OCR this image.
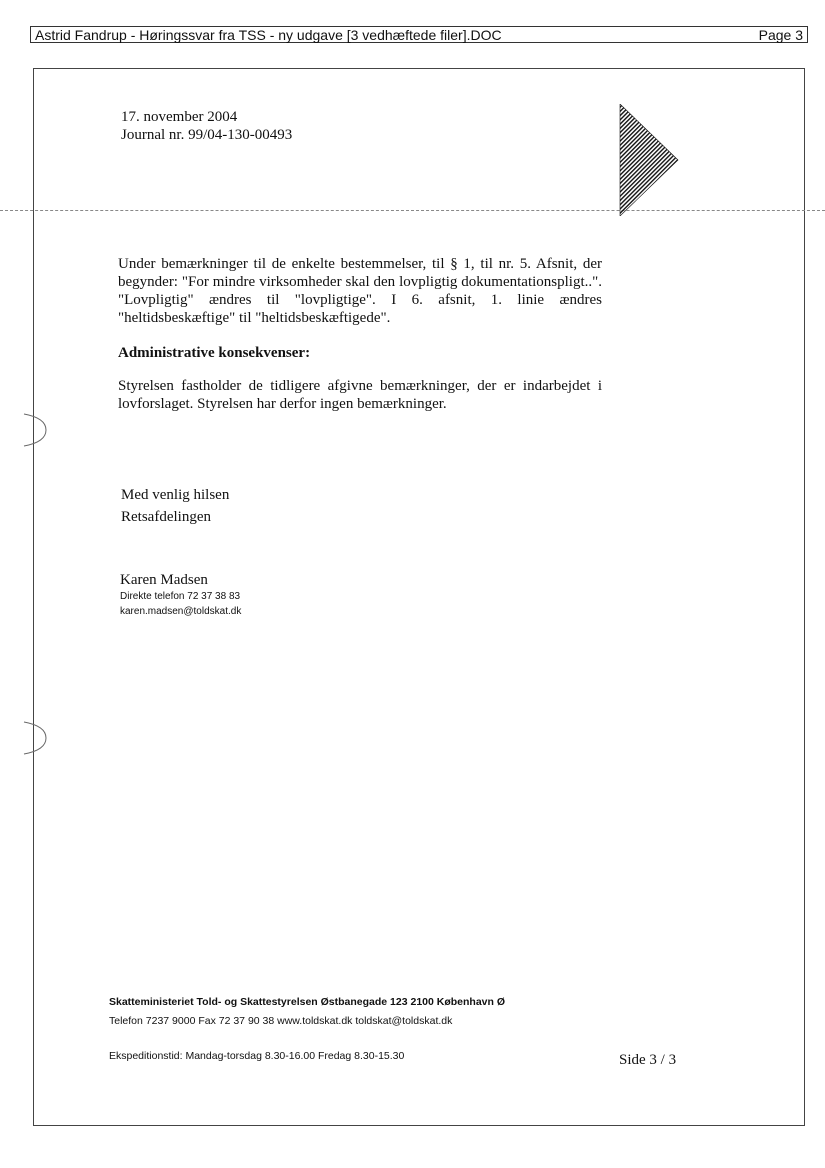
Astrid Fandrup - Høringssvar fra TSS - ny udgave [3 vedhæftede filer].DOC	Page 3
17. november 2004
Journal nr. 99/04-130-00493
Under bemærkninger til de enkelte bestemmelser, til § 1, til nr. 5. Afsnit, der begynder: "For mindre virksomheder skal den lovpligtig dokumentationspligt..". "Lovpligtig" ændres til "lovpligtige". I 6. afsnit, 1. linie ændres "heltidsbeskæftige" til "heltidsbeskæftigede".
Administrative konsekvenser:
Styrelsen fastholder de tidligere afgivne bemærkninger, der er indarbejdet i lovforslaget. Styrelsen har derfor ingen bemærkninger.
Med venlig hilsen
Retsafdelingen
Karen Madsen
Direkte telefon 72 37 38 83
karen.madsen@toldskat.dk
Skatteministeriet Told- og Skattestyrelsen Østbanegade 123 2100 København Ø
Telefon 7237 9000 Fax 72 37 90 38 www.toldskat.dk toldskat@toldskat.dk
Ekspeditionstid: Mandag-torsdag 8.30-16.00 Fredag 8.30-15.30	Side 3 / 3
